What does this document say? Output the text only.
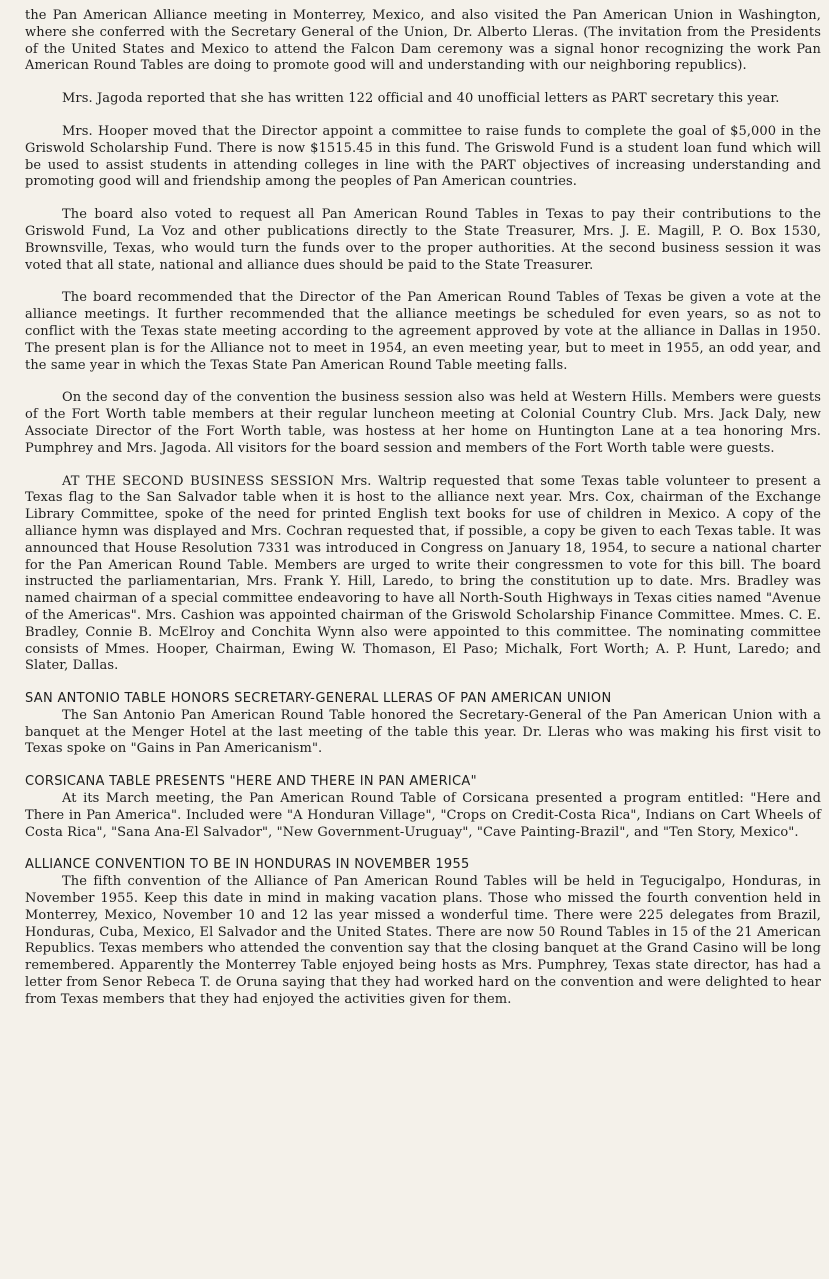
the Pan American Alliance meeting in Monterrey, Mexico, and also visited the Pan American Union in Washington, where she conferred with the Secretary General of the Union, Dr. Alberto Lleras. (The invitation from the Presidents of the United States and Mexico to attend the Falcon Dam ceremony was a signal honor recognizing the work Pan American Round Tables are doing to promote good will and understanding with our neighboring republics).

Mrs. Jagoda reported that she has written 122 official and 40 unofficial letters as PART secretary this year.

Mrs. Hooper moved that the Director appoint a committee to raise funds to complete the goal of $5,000 in the Griswold Scholarship Fund. There is now $1515.45 in this fund. The Griswold Fund is a student loan fund which will be used to assist students in attending colleges in line with the PART objectives of increasing understanding and promoting good will and friendship among the peoples of Pan American countries.

The board also voted to request all Pan American Round Tables in Texas to pay their contributions to the Griswold Fund, La Voz and other publications directly to the State Treasurer, Mrs. J. E. Magill, P. O. Box 1530, Brownsville, Texas, who would turn the funds over to the proper authorities. At the second business session it was voted that all state, national and alliance dues should be paid to the State Treasurer.

The board recommended that the Director of the Pan American Round Tables of Texas be given a vote at the alliance meetings. It further recommended that the alliance meetings be scheduled for even years, so as not to conflict with the Texas state meeting according to the agreement approved by vote at the alliance in Dallas in 1950. The present plan is for the Alliance not to meet in 1954, an even meeting year, but to meet in 1955, an odd year, and the same year in which the Texas State Pan American Round Table meeting falls.

On the second day of the convention the business session also was held at Western Hills. Members were guests of the Fort Worth table members at their regular luncheon meeting at Colonial Country Club. Mrs. Jack Daly, new Associate Director of the Fort Worth table, was hostess at her home on Huntington Lane at a tea honoring Mrs. Pumphrey and Mrs. Jagoda. All visitors for the board session and members of the Fort Worth table were guests.

AT THE SECOND BUSINESS SESSION Mrs. Waltrip requested that some Texas table volunteer to present a Texas flag to the San Salvador table when it is host to the alliance next year. Mrs. Cox, chairman of the Exchange Library Committee, spoke of the need for printed English text books for use of children in Mexico. A copy of the alliance hymn was displayed and Mrs. Cochran requested that, if possible, a copy be given to each Texas table. It was announced that House Resolution 7331 was introduced in Congress on January 18, 1954, to secure a national charter for the Pan American Round Table. Members are urged to write their congressmen to vote for this bill. The board instructed the parliamentarian, Mrs. Frank Y. Hill, Laredo, to bring the constitution up to date. Mrs. Bradley was named chairman of a special committee endeavoring to have all North-South Highways in Texas cities named "Avenue of the Americas". Mrs. Cashion was appointed chairman of the Griswold Scholarship Finance Committee. Mmes. C. E. Bradley, Connie B. McElroy and Conchita Wynn also were appointed to this committee. The nominating committee consists of Mmes. Hooper, Chairman, Ewing W. Thomason, El Paso; Michalk, Fort Worth; A. P. Hunt, Laredo; and Slater, Dallas.

SAN ANTONIO TABLE HONORS SECRETARY-GENERAL LLERAS OF PAN AMERICAN UNION

The San Antonio Pan American Round Table honored the Secretary-General of the Pan American Union with a banquet at the Menger Hotel at the last meeting of the table this year. Dr. Lleras who was making his first visit to Texas spoke on "Gains in Pan Americanism".

CORSICANA TABLE PRESENTS "HERE AND THERE IN PAN AMERICA"

At its March meeting, the Pan American Round Table of Corsicana presented a program entitled: "Here and There in Pan America". Included were "A Honduran Village", "Crops on Credit-Costa Rica", Indians on Cart Wheels of Costa Rica", "Sana Ana-El Salvador", "New Government-Uruguay", "Cave Painting-Brazil", and "Ten Story, Mexico".

ALLIANCE CONVENTION TO BE IN HONDURAS IN NOVEMBER 1955

The fifth convention of the Alliance of Pan American Round Tables will be held in Tegucigalpo, Honduras, in November 1955. Keep this date in mind in making vacation plans. Those who missed the fourth convention held in Monterrey, Mexico, November 10 and 12 las year missed a wonderful time. There were 225 delegates from Brazil, Honduras, Cuba, Mexico, El Salvador and the United States. There are now 50 Round Tables in 15 of the 21 American Republics. Texas members who attended the convention say that the closing banquet at the Grand Casino will be long remembered. Apparently the Monterrey Table enjoyed being hosts as Mrs. Pumphrey, Texas state director, has had a letter from Senor Rebeca T. de Oruna saying that they had worked hard on the convention and were delighted to hear from Texas members that they had enjoyed the activities given for them.
